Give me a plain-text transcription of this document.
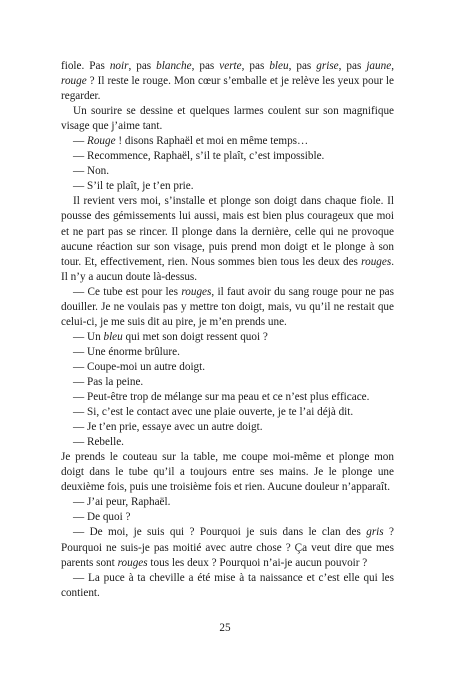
fiole. Pas noir, pas blanche, pas verte, pas bleu, pas grise, pas jaune, rouge ? Il reste le rouge. Mon cœur s’emballe et je relève les yeux pour le regarder.

Un sourire se dessine et quelques larmes coulent sur son magnifique visage que j’aime tant.

— Rouge ! disons Raphaël et moi en même temps…

— Recommence, Raphaël, s’il te plaît, c’est impossible.

— Non.

— S’il te plaît, je t’en prie.

Il revient vers moi, s’installe et plonge son doigt dans chaque fiole. Il pousse des gémissements lui aussi, mais est bien plus courageux que moi et ne part pas se rincer. Il plonge dans la dernière, celle qui ne provoque aucune réaction sur son visage, puis prend mon doigt et le plonge à son tour. Et, effectivement, rien. Nous sommes bien tous les deux des rouges. Il n’y a aucun doute là-dessus.

— Ce tube est pour les rouges, il faut avoir du sang rouge pour ne pas douiller. Je ne voulais pas y mettre ton doigt, mais, vu qu’il ne restait que celui-ci, je me suis dit au pire, je m’en prends une.

— Un bleu qui met son doigt ressent quoi ?

— Une énorme brûlure.

— Coupe-moi un autre doigt.

— Pas la peine.

— Peut-être trop de mélange sur ma peau et ce n’est plus efficace.

— Si, c’est le contact avec une plaie ouverte, je te l’ai déjà dit.

— Je t’en prie, essaye avec un autre doigt.

— Rebelle.

Je prends le couteau sur la table, me coupe moi-même et plonge mon doigt dans le tube qu’il a toujours entre ses mains. Je le plonge une deuxième fois, puis une troisième fois et rien. Aucune douleur n’apparaît.

— J’ai peur, Raphaël.

— De quoi ?

— De moi, je suis qui ? Pourquoi je suis dans le clan des gris ? Pourquoi ne suis-je pas moitié avec autre chose ? Ça veut dire que mes parents sont rouges tous les deux ? Pourquoi n’ai-je aucun pouvoir ?

— La puce à ta cheville a été mise à ta naissance et c’est elle qui les contient.

25
